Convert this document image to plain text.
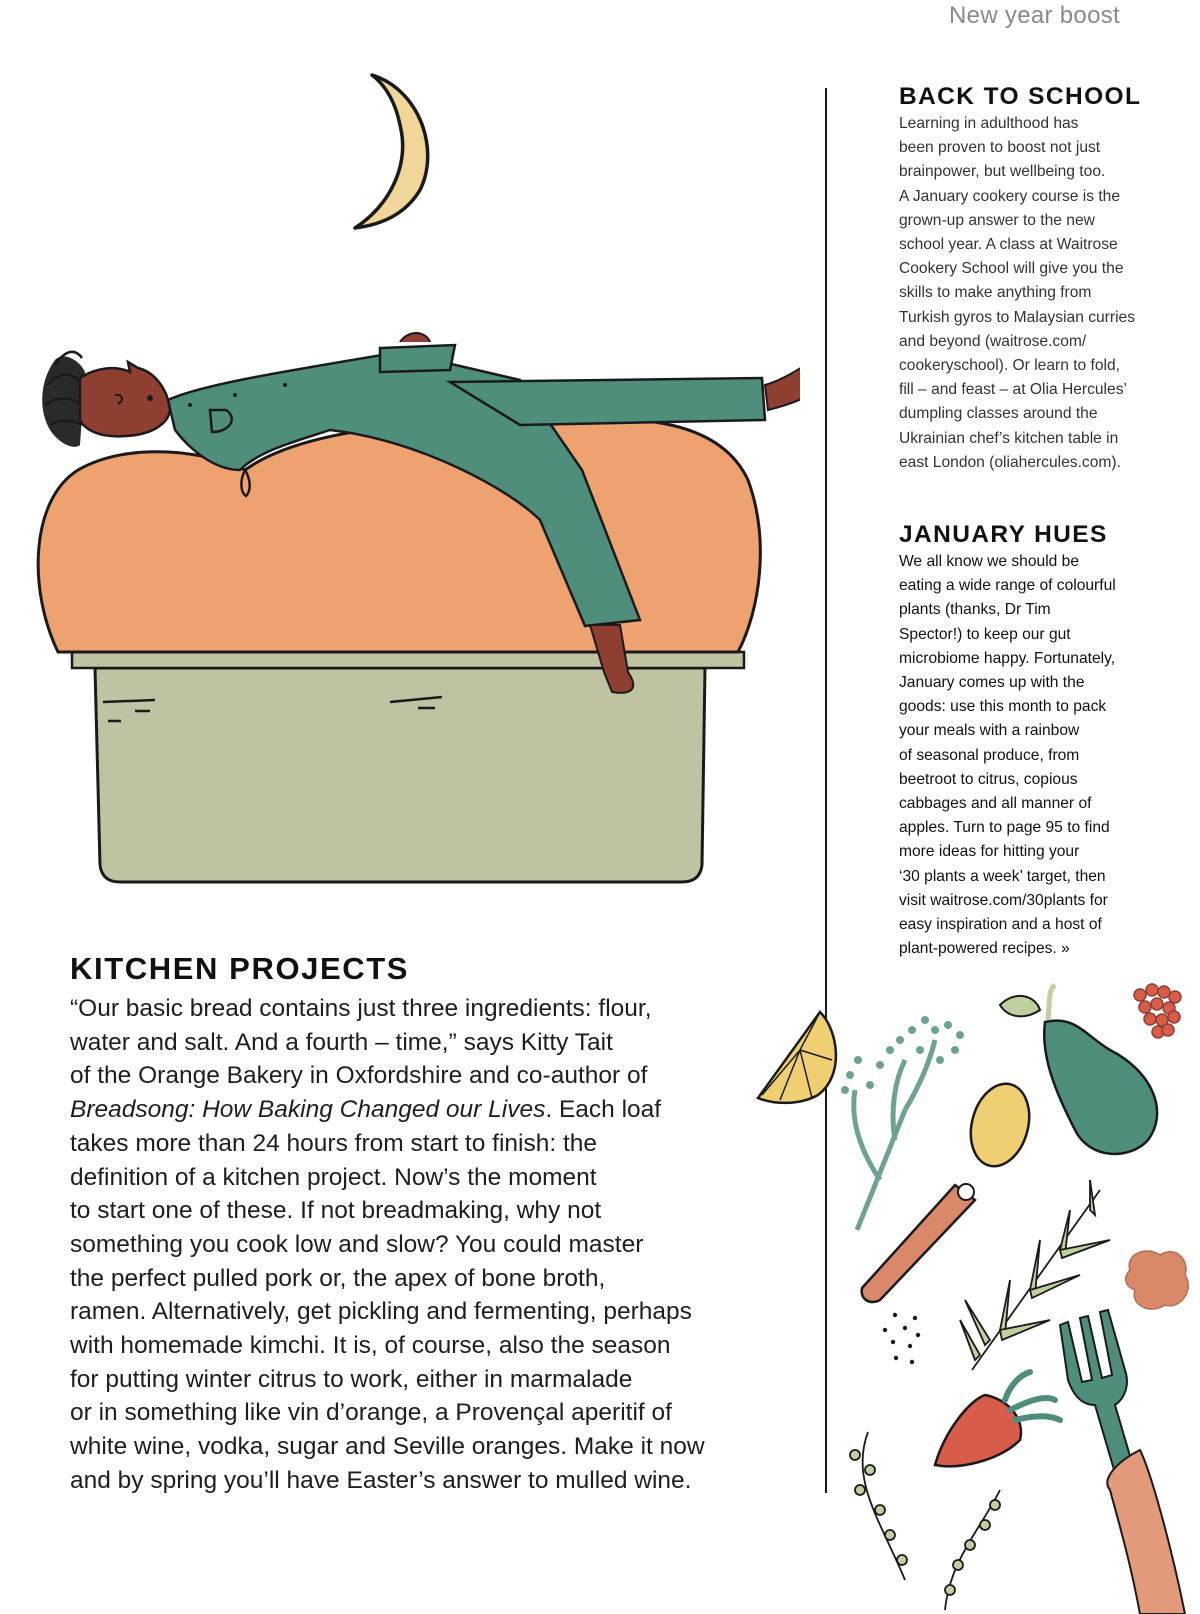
New year boost
BACK TO SCHOOL

Learning in adulthood has
been proven to boost not just
brainpower, but wellbeing too.
A January cookery course is the
grown-up answer to the new
school year. A class at Waitrose
Cookery School will give you the
skills to make anything from
Turkish gyros to Malaysian curries
and beyond (waitrose.com/
cookeryschool). Or learn to fold,
fill – and feast – at Olia Hercules’
dumpling classes around the
Ukrainian chef’s kitchen table in
east London (oliahercules.com).

JANUARY HUES

We all know we should be
eating a wide range of colourful
plants (thanks, Dr Tim
Spector!) to keep our gut
microbiome happy. Fortunately,
January comes up with the
goods: use this month to pack
your meals with a rainbow
of seasonal produce, from
beetroot to citrus, copious
cabbages and all manner of
apples. Turn to page 95 to find
more ideas for hitting your
‘30 plants a week’ target, then
visit waitrose.com/30plants for
easy inspiration and a host of
plant-powered recipes. »

KITCHEN PROJECTS

“Our basic bread contains just three ingredients: flour,
water and salt. And a fourth – time,” says Kitty Tait
of the Orange Bakery in Oxfordshire and co-author of
Breadsong: How Baking Changed our Lives. Each loaf
takes more than 24 hours from start to finish: the
definition of a kitchen project. Now’s the moment
to start one of these. If not breadmaking, why not
something you cook low and slow? You could master
the perfect pulled pork or, the apex of bone broth,
ramen. Alternatively, get pickling and fermenting, perhaps
with homemade kimchi. It is, of course, also the season
for putting winter citrus to work, either in marmalade
or in something like vin d’orange, a Provençal aperitif of
white wine, vodka, sugar and Seville oranges. Make it now
and by spring you’ll have Easter’s answer to mulled wine.
